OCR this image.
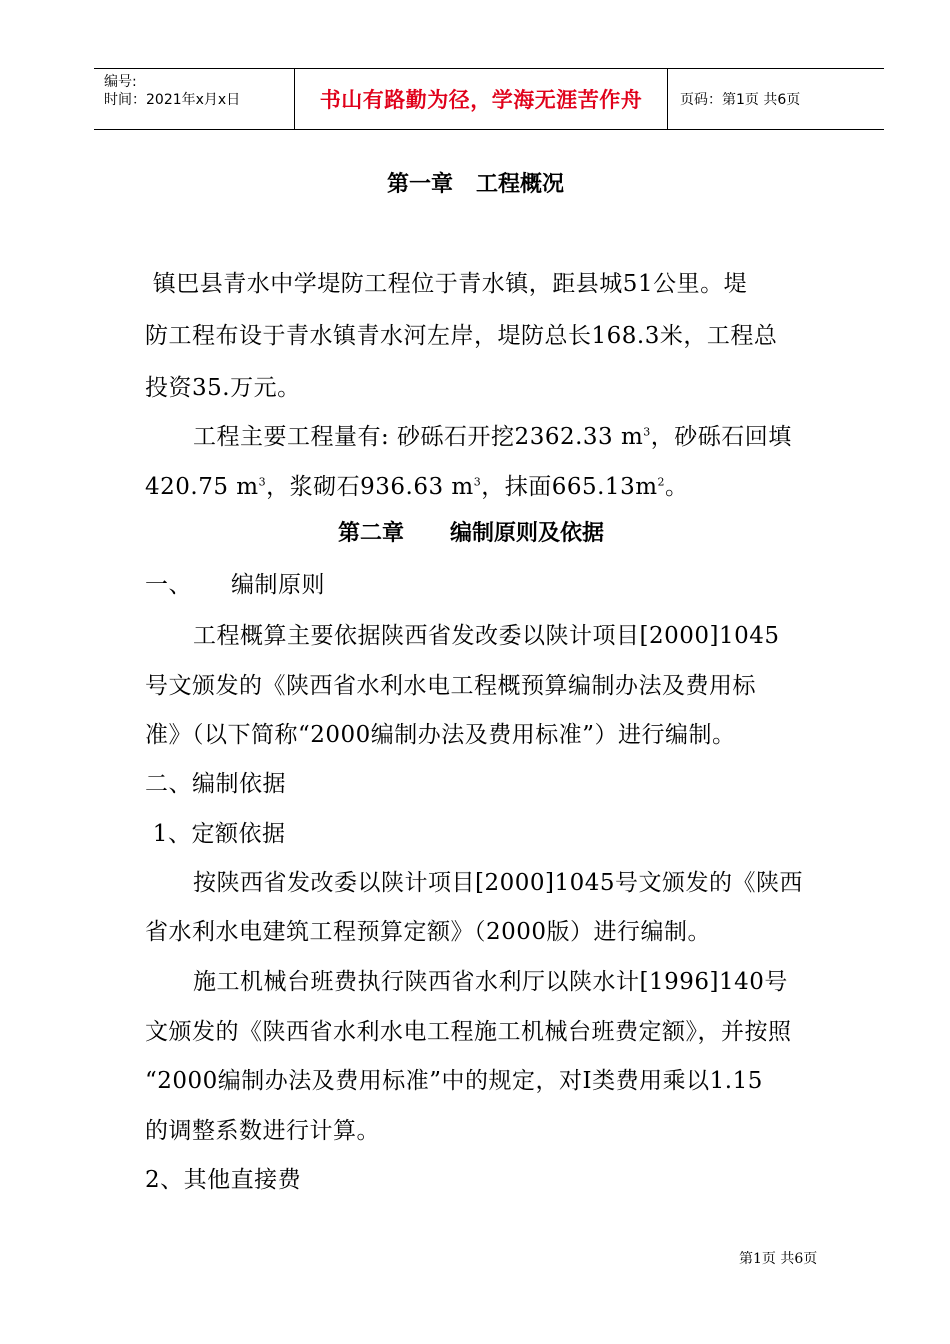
编号:
时间：2021年x月x日	书山有路勤为径，学海无涯苦作舟	页码：第1页 共6页
第一章   工程概况
镇巴县青水中学堤防工程位于青水镇，距县城51公里。堤
防工程布设于青水镇青水河左岸，堤防总长168.3米，工程总
投资35.万元。
工程主要工程量有: 砂砾石开挖2362.33 $m^3$，砂砾石回填
420.75 $m^3$，浆砌石936.63 $m^3$，抹面$665.13m^2$。
第二章      编制原则及依据
一、     编制原则
工程概算主要依据陕西省发改委以陕计项目[2000]1045
号文颁发的《陕西省水利水电工程概预算编制办法及费用标
准》（以下简称“2000编制办法及费用标准”）进行编制。
二、编制依据
1、定额依据
按陕西省发改委以陕计项目[2000]1045号文颁发的《陕西
省水利水电建筑工程预算定额》（2000版）进行编制。
施工机械台班费执行陕西省水利厅以陕水计[1996]140号
文颁发的《陕西省水利水电工程施工机械台班费定额》，并按照
“2000编制办法及费用标准”中的规定，对Ⅰ类费用乘以1.15
的调整系数进行计算。
2、其他直接费
第1页 共6页
